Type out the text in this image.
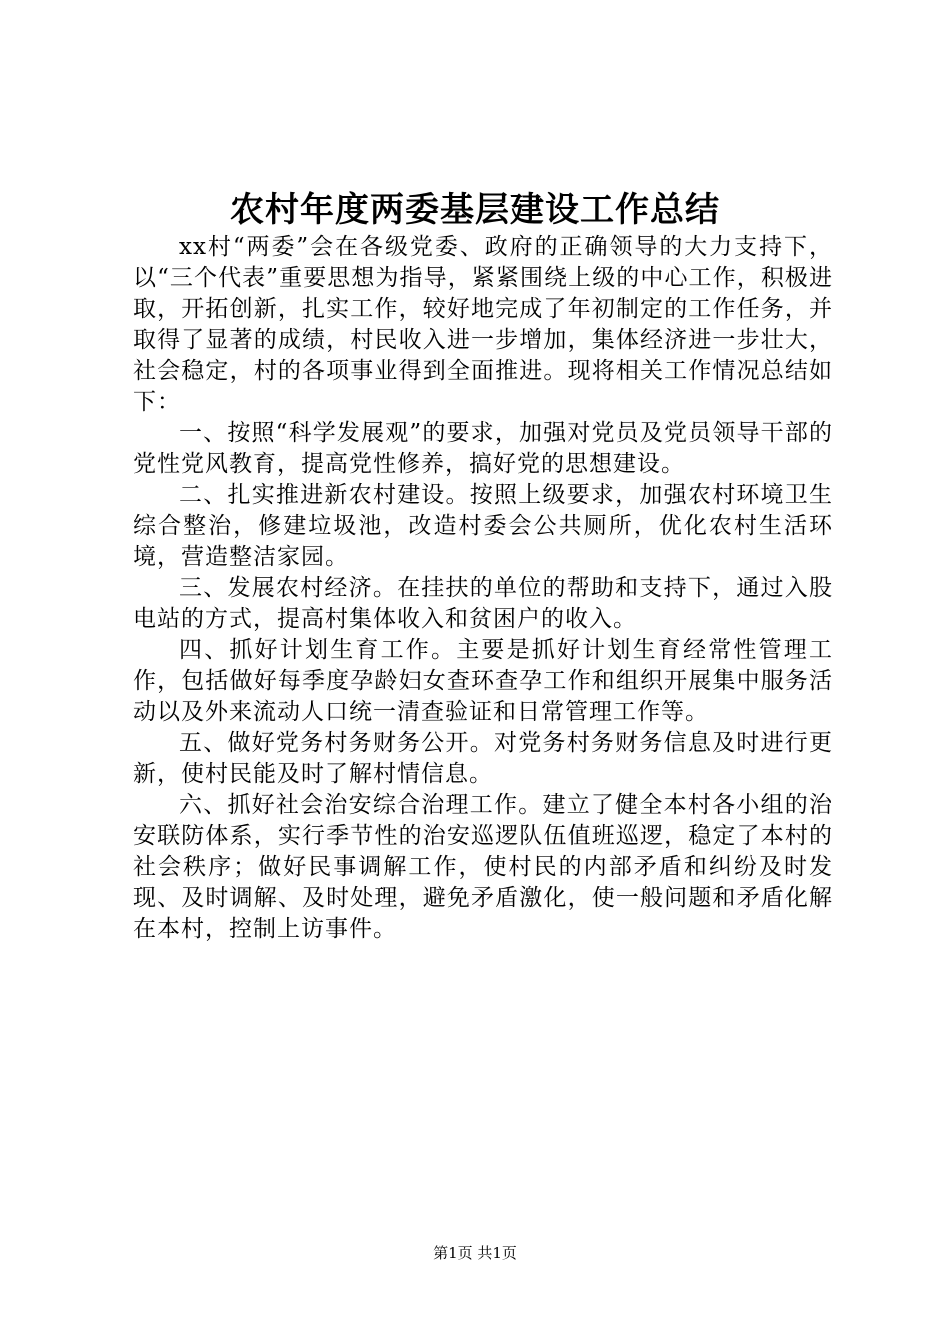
农村年度两委基层建设工作总结

xx村“两委”会在各级党委、政府的正确领导的大力支持下，以“三个代表”重要思想为指导，紧紧围绕上级的中心工作，积极进取，开拓创新，扎实工作，较好地完成了年初制定的工作任务，并取得了显著的成绩，村民收入进一步增加，集体经济进一步壮大，社会稳定，村的各项事业得到全面推进。现将相关工作情况总结如下：

一、按照“科学发展观”的要求，加强对党员及党员领导干部的党性党风教育，提高党性修养，搞好党的思想建设。

二、扎实推进新农村建设。按照上级要求，加强农村环境卫生综合整治，修建垃圾池，改造村委会公共厕所，优化农村生活环境，营造整洁家园。

三、发展农村经济。在挂扶的单位的帮助和支持下，通过入股电站的方式，提高村集体收入和贫困户的收入。

四、抓好计划生育工作。主要是抓好计划生育经常性管理工作，包括做好每季度孕龄妇女查环查孕工作和组织开展集中服务活动以及外来流动人口统一清查验证和日常管理工作等。

五、做好党务村务财务公开。对党务村务财务信息及时进行更新，使村民能及时了解村情信息。

六、抓好社会治安综合治理工作。建立了健全本村各小组的治安联防体系，实行季节性的治安巡逻队伍值班巡逻，稳定了本村的社会秩序；做好民事调解工作，使村民的内部矛盾和纠纷及时发现、及时调解、及时处理，避免矛盾激化，使一般问题和矛盾化解在本村，控制上访事件。

第1页 共1页
